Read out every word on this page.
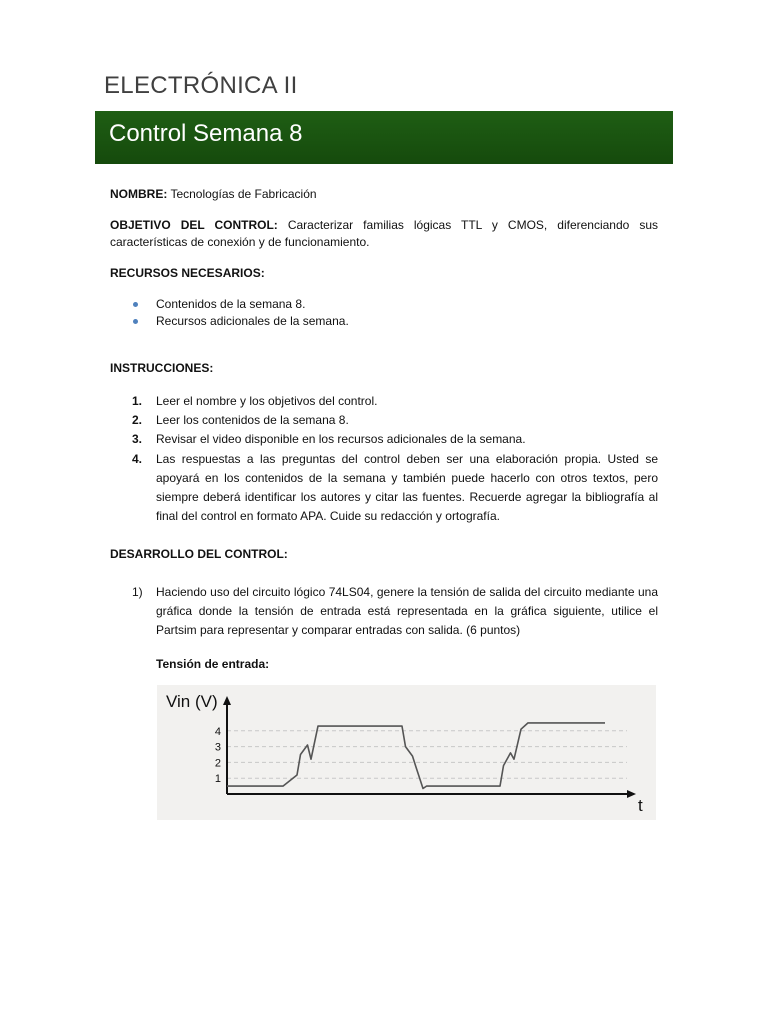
ELECTRÓNICA II
Control Semana 8

NOMBRE: Tecnologías de Fabricación

OBJETIVO DEL CONTROL: Caracterizar familias lógicas TTL y CMOS, diferenciando sus características de conexión y de funcionamiento.

RECURSOS NECESARIOS:

Contenidos de la semana 8.
Recursos adicionales de la semana.

INSTRUCCIONES:

1. Leer el nombre y los objetivos del control.
2. Leer los contenidos de la semana 8.
3. Revisar el video disponible en los recursos adicionales de la semana.
4. Las respuestas a las preguntas del control deben ser una elaboración propia. Usted se apoyará en los contenidos de la semana y también puede hacerlo con otros textos, pero siempre deberá identificar los autores y citar las fuentes. Recuerde agregar la bibliografía al final del control en formato APA. Cuide su redacción y ortografía.

DESARROLLO DEL CONTROL:

1) Haciendo uso del circuito lógico 74LS04, genere la tensión de salida del circuito mediante una gráfica donde la tensión de entrada está representada en la gráfica siguiente, utilice el Partsim para representar y comparar entradas con salida. (6 puntos)

Tensión de entrada:

Vin (V)
t
1
2
3
4
